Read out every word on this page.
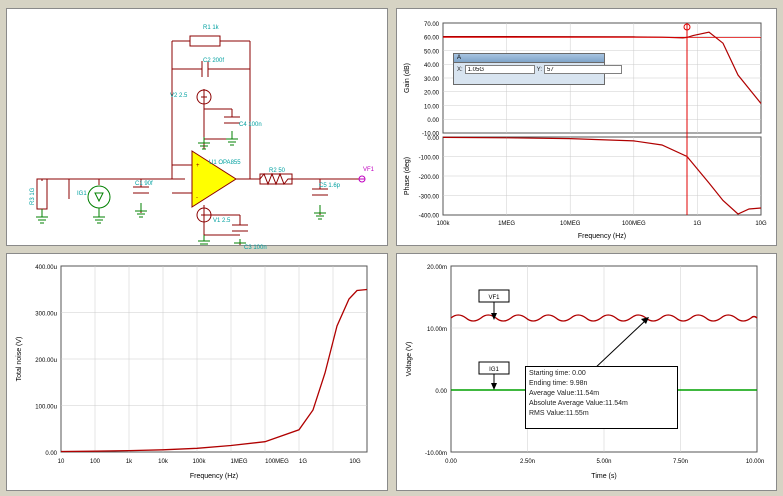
+
-
R1 1k
C2 200f
V2 2.5
C4 100n
U1 OPA855
R2 50	VF1
C5 1.6p
C1 90f
IG1
R3 1G
V1 2.5
C3 100n
70.00
60.00
50.00
40.00
30.00
20.00
10.00
0.00
-10.00
0.00
-100.00
-200.00
-300.00
-400.00
100k	1MEG	10MEG	100MEG	1G	10G
Frequency (Hz)
Gain (dB)
Phase (deg)
A
X:
1.05G	Y:
57
400.00u
300.00u
200.00u
100.00u
0.00
10	100	1k	10k	100k	1MEG	100MEG 1G	10G
Frequency (Hz)
Total noise (V)
VF1
IG1
20.00m
10.00m
0.00
-10.00m
0.00	2.50n	5.00n	7.50n	10.00n
Time (s)
Voltage (V)	Starting time: 0.00
Ending time: 9.98n
Average Value:11.54m
Absolute Average Value:11.54m
RMS Value:11.55m
